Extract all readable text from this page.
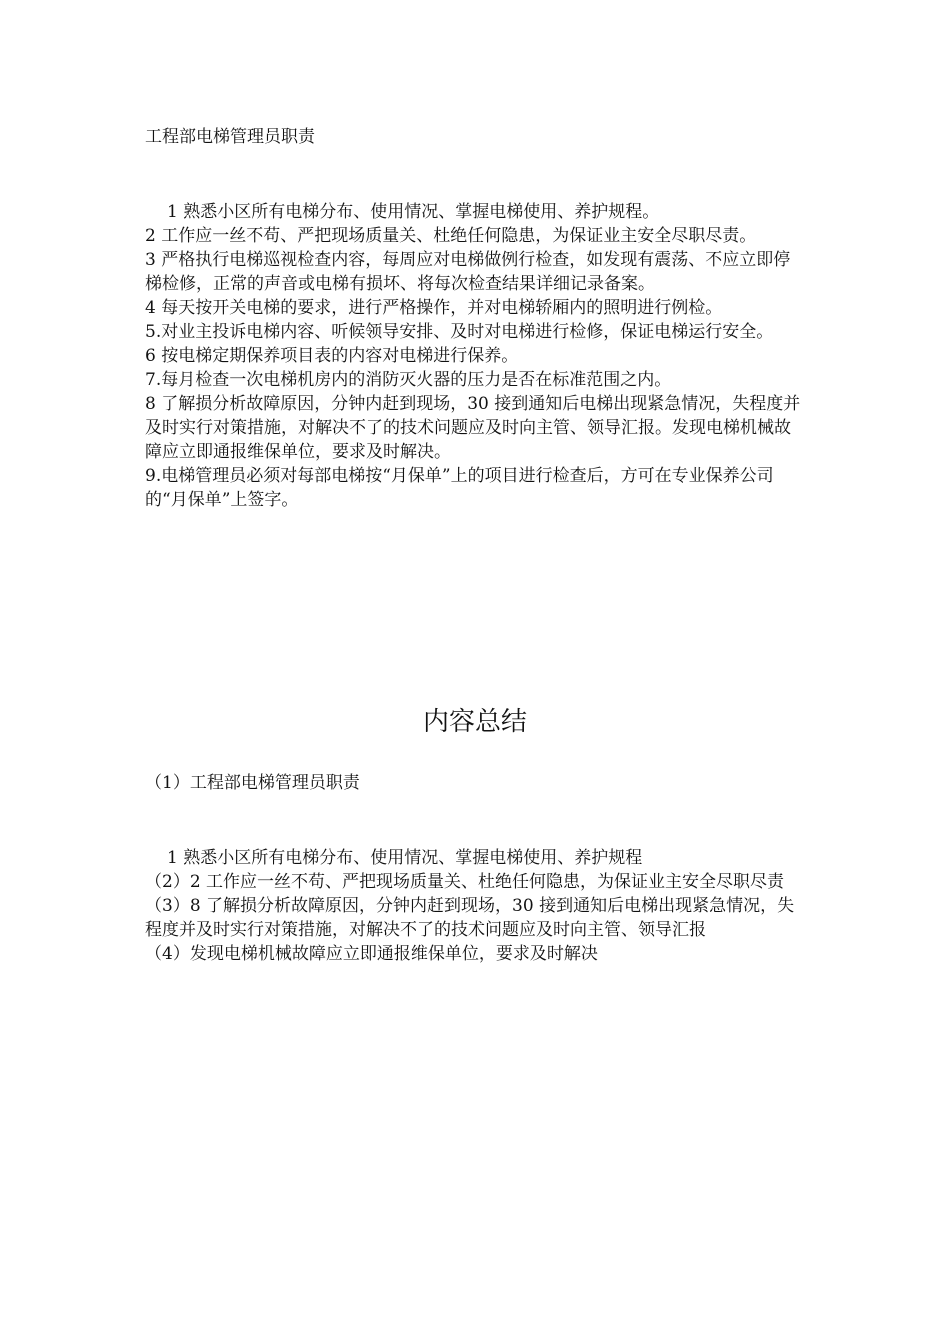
工程部电梯管理员职责

1 熟悉小区所有电梯分布、使用情况、掌握电梯使用、养护规程。

2 工作应一丝不苟、严把现场质量关、杜绝任何隐患，为保证业主安全尽职尽责。

3 严格执行电梯巡视检查内容，每周应对电梯做例行检查，如发现有震荡、不应立即停梯检修，正常的声音或电梯有损坏、将每次检查结果详细记录备案。

4 每天按开关电梯的要求，进行严格操作，并对电梯轿厢内的照明进行例检。

5.对业主投诉电梯内容、听候领导安排、及时对电梯进行检修，保证电梯运行安全。

6 按电梯定期保养项目表的内容对电梯进行保养。

7.每月检查一次电梯机房内的消防灭火器的压力是否在标准范围之内。

8 了解损分析故障原因，分钟内赶到现场，30 接到通知后电梯出现紧急情况，失程度并及时实行对策措施，对解决不了的技术问题应及时向主管、领导汇报。发现电梯机械故障应立即通报维保单位，要求及时解决。

9.电梯管理员必须对每部电梯按“月保单”上的项目进行检查后，方可在专业保养公司的“月保单”上签字。

内容总结
（1）工程部电梯管理员职责

1 熟悉小区所有电梯分布、使用情况、掌握电梯使用、养护规程

（2）2 工作应一丝不苟、严把现场质量关、杜绝任何隐患，为保证业主安全尽职尽责

（3）8 了解损分析故障原因，分钟内赶到现场，30 接到通知后电梯出现紧急情况，失程度并及时实行对策措施，对解决不了的技术问题应及时向主管、领导汇报

（4）发现电梯机械故障应立即通报维保单位，要求及时解决
